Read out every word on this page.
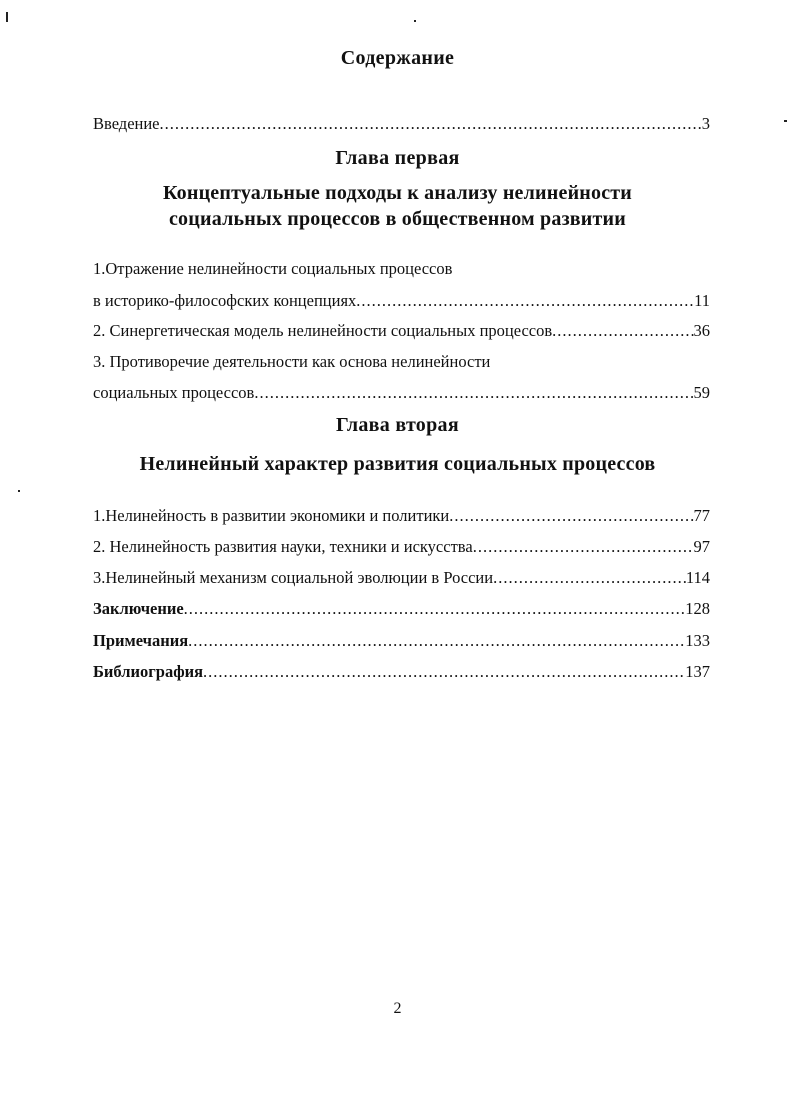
Содержание
Введение .....	3
Глава первая
Концептуальные подходы к анализу нелинейности
социальных процессов в общественном развитии
1.Отражение нелинейности социальных процессов
в историко-философских концепциях .....	11
2. Синергетическая модель нелинейности социальных процессов .....	36
3. Противоречие деятельности как основа нелинейности
социальных процессов .....	59
Глава вторая
Нелинейный характер развития социальных процессов
1.Нелинейность в развитии экономики и политики .....	77
2. Нелинейность развития науки, техники и искусства .....	97
3.Нелинейный механизм социальной эволюции в России .....	114
Заключение .....	128
Примечания .....	133
Библиография .....	137
2
